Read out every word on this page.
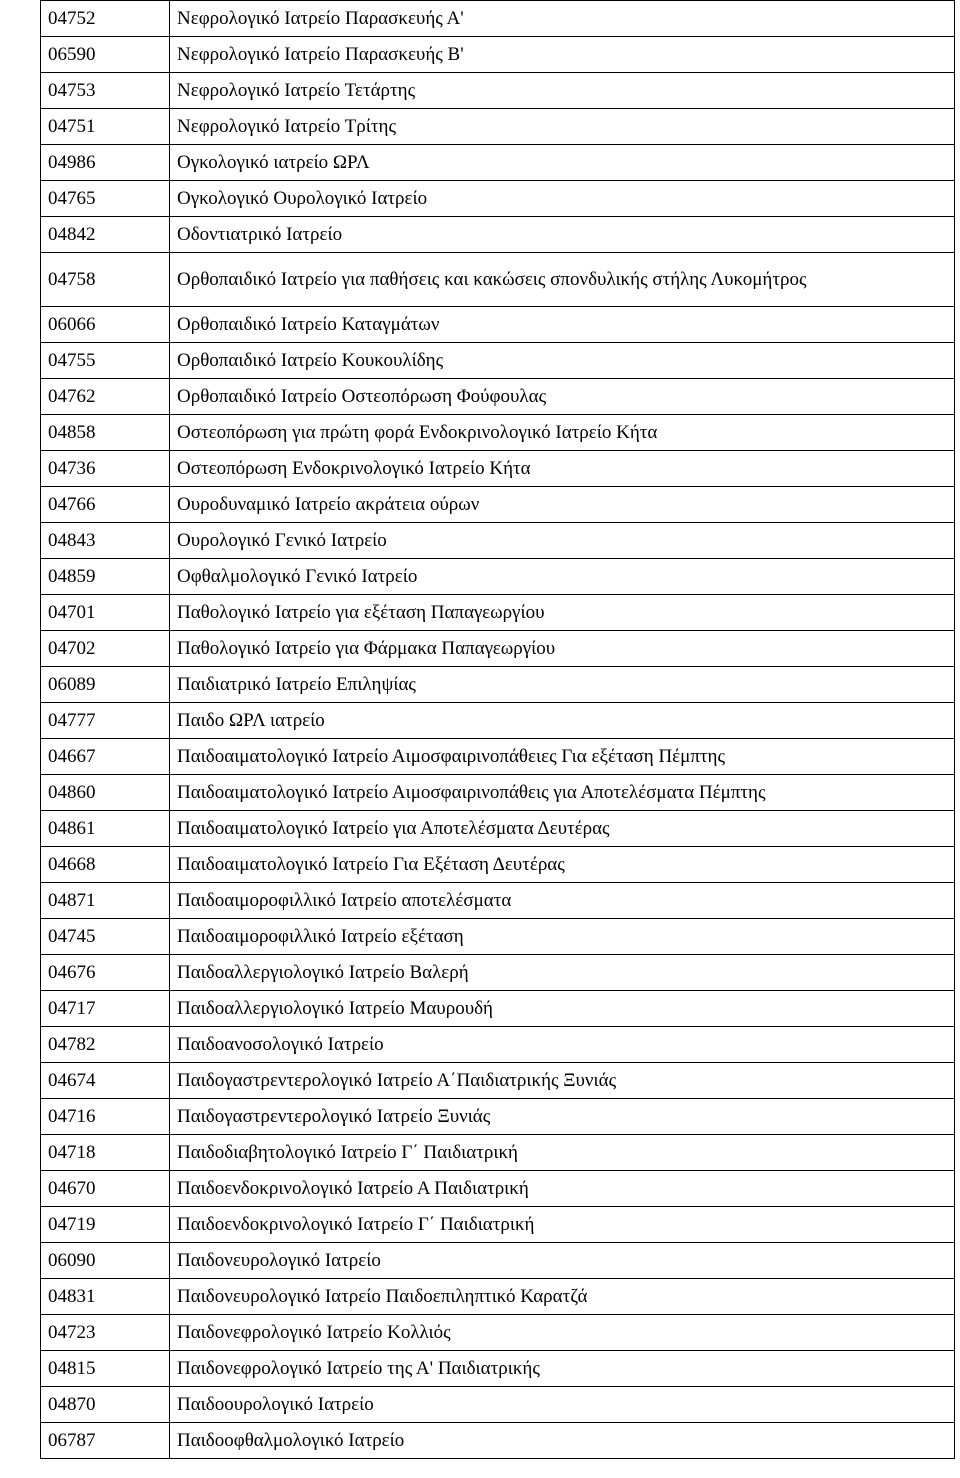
04752	Νεφρολογικό Ιατρείο Παρασκευής Α'
06590	Νεφρολογικό Ιατρείο Παρασκευής Β'
04753	Νεφρολογικό Ιατρείο Τετάρτης
04751	Νεφρολογικό Ιατρείο Τρίτης
04986	Ογκολογικό ιατρείο ΩΡΛ
04765	Ογκολογικό Ουρολογικό Ιατρείο
04842	Οδοντιατρικό Ιατρείο
04758	Ορθοπαιδικό Ιατρείο για παθήσεις και κακώσεις σπονδυλικής στήλης Λυκομήτρος
06066	Ορθοπαιδικό Ιατρείο Καταγμάτων
04755	Ορθοπαιδικό Ιατρείο Κουκουλίδης
04762	Ορθοπαιδικό Ιατρείο Οστεοπόρωση Φούφουλας
04858	Οστεοπόρωση για πρώτη φορά Ενδοκρινολογικό Ιατρείο Κήτα
04736	Οστεοπόρωση Ενδοκρινολογικό Ιατρείο Κήτα
04766	Ουροδυναμικό Ιατρείο ακράτεια ούρων
04843	Ουρολογικό Γενικό Ιατρείο
04859	Οφθαλμολογικό Γενικό Ιατρείο
04701	Παθολογικό Ιατρείο για εξέταση Παπαγεωργίου
04702	Παθολογικό Ιατρείο για Φάρμακα Παπαγεωργίου
06089	Παιδιατρικό Ιατρείο Επιληψίας
04777	Παιδο ΩΡΛ ιατρείο
04667	Παιδοαιματολογικό Ιατρείο Αιμοσφαιρινοπάθειες Για εξέταση Πέμπτης
04860	Παιδοαιματολογικό Ιατρείο Αιμοσφαιρινοπάθεις για Αποτελέσματα Πέμπτης
04861	Παιδοαιματολογικό Ιατρείο για Αποτελέσματα Δευτέρας
04668	Παιδοαιματολογικό Ιατρείο Για Εξέταση Δευτέρας
04871	Παιδοαιμοροφιλλικό Ιατρείο αποτελέσματα
04745	Παιδοαιμοροφιλλικό Ιατρείο εξέταση
04676	Παιδοαλλεργιολογικό Ιατρείο Βαλερή
04717	Παιδοαλλεργιολογικό Ιατρείο Μαυρουδή
04782	Παιδοανοσολογικό Ιατρείο
04674	Παιδογαστρεντερολογικό Ιατρείο Α΄Παιδιατρικής Ξυνιάς
04716	Παιδογαστρεντερολογικό Ιατρείο Ξυνιάς
04718	Παιδοδιαβητολογικό Ιατρείο Γ΄ Παιδιατρική
04670	Παιδοενδοκρινολογικό Ιατρείο Α Παιδιατρική
04719	Παιδοενδοκρινολογικό Ιατρείο Γ΄ Παιδιατρική
06090	Παιδονευρολογικό Ιατρείο
04831	Παιδονευρολογικό Ιατρείο Παιδοεπιληπτικό Καρατζά
04723	Παιδονεφρολογικό Ιατρείο Κολλιός
04815	Παιδονεφρολογικό Ιατρείο της Α' Παιδιατρικής
04870	Παιδοουρολογικό Ιατρείο
06787	Παιδοοφθαλμολογικό Ιατρείο
